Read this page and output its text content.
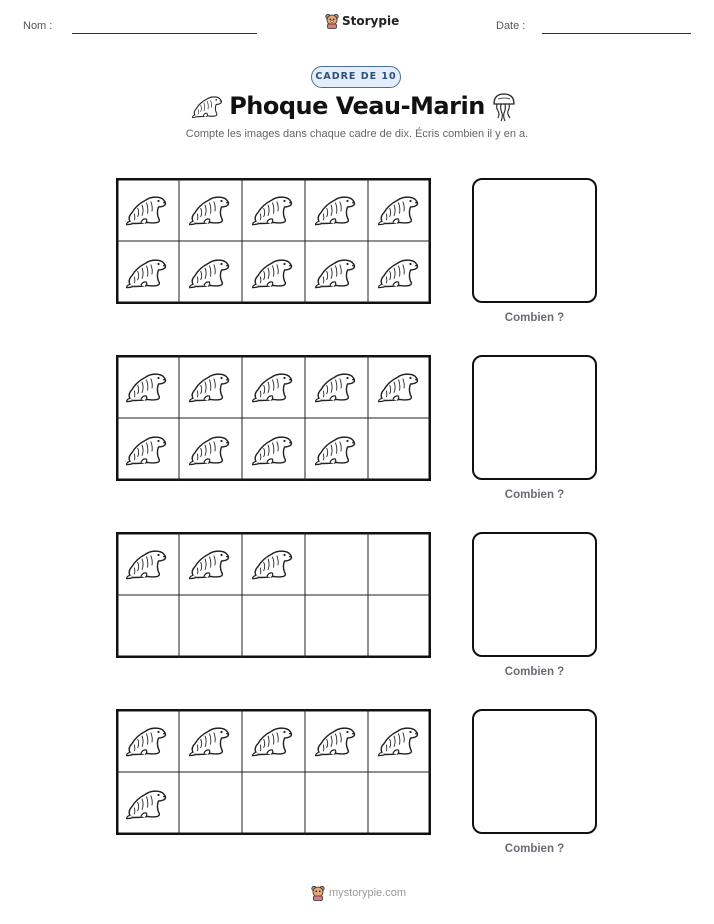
Nom :	Storypie	Date :
CADRE DE 10
Phoque Veau-Marin
Compte les images dans chaque cadre de dix. Écris combien il y en a.
Combien ?
Combien ?
Combien ?
Combien ?
mystorypie.com
